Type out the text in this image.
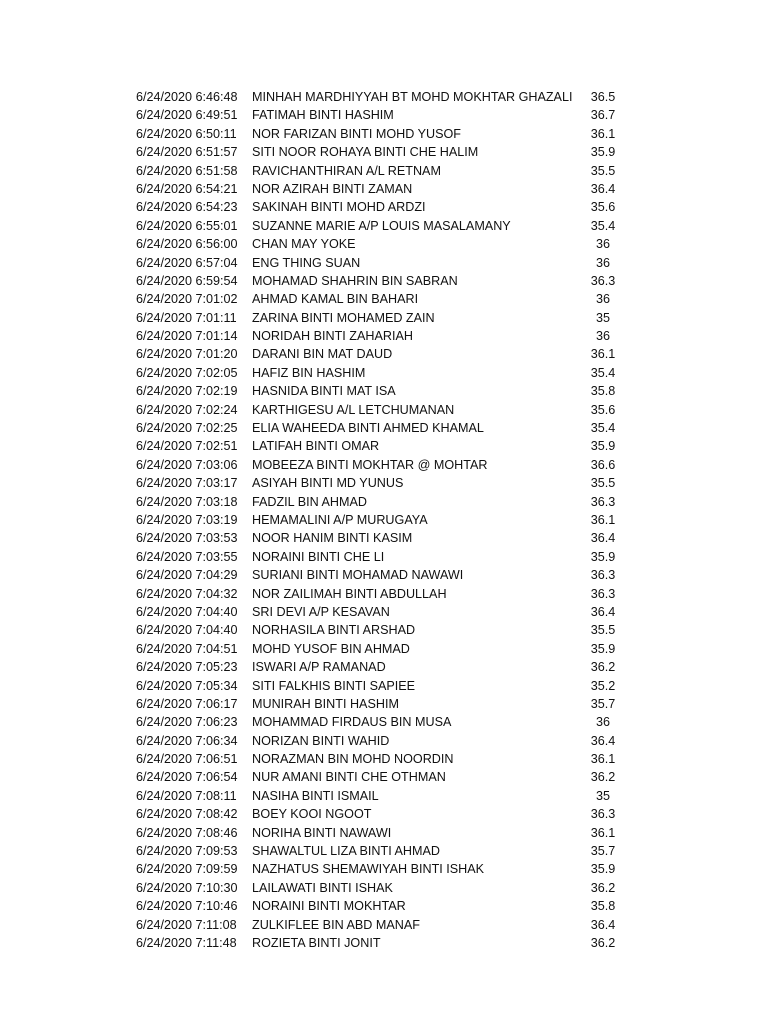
6/24/2020 6:46:48	MINHAH MARDHIYYAH BT MOHD MOKHTAR GHAZALI	36.5
6/24/2020 6:49:51	FATIMAH BINTI HASHIM	36.7
6/24/2020 6:50:11	NOR FARIZAN BINTI MOHD YUSOF	36.1
6/24/2020 6:51:57	SITI NOOR ROHAYA BINTI CHE HALIM	35.9
6/24/2020 6:51:58	RAVICHANTHIRAN A/L RETNAM	35.5
6/24/2020 6:54:21	NOR AZIRAH BINTI ZAMAN	36.4
6/24/2020 6:54:23	SAKINAH BINTI MOHD ARDZI	35.6
6/24/2020 6:55:01	SUZANNE MARIE A/P LOUIS MASALAMANY	35.4
6/24/2020 6:56:00	CHAN MAY YOKE	36
6/24/2020 6:57:04	ENG THING SUAN	36
6/24/2020 6:59:54	MOHAMAD SHAHRIN BIN SABRAN	36.3
6/24/2020 7:01:02	AHMAD KAMAL BIN BAHARI	36
6/24/2020 7:01:11	ZARINA BINTI MOHAMED ZAIN	35
6/24/2020 7:01:14	NORIDAH BINTI ZAHARIAH	36
6/24/2020 7:01:20	DARANI BIN MAT DAUD	36.1
6/24/2020 7:02:05	HAFIZ BIN HASHIM	35.4
6/24/2020 7:02:19	HASNIDA BINTI MAT ISA	35.8
6/24/2020 7:02:24	KARTHIGESU A/L LETCHUMANAN	35.6
6/24/2020 7:02:25	ELIA WAHEEDA BINTI AHMED KHAMAL	35.4
6/24/2020 7:02:51	LATIFAH BINTI OMAR	35.9
6/24/2020 7:03:06	MOBEEZA BINTI MOKHTAR @ MOHTAR	36.6
6/24/2020 7:03:17	ASIYAH BINTI MD YUNUS	35.5
6/24/2020 7:03:18	FADZIL BIN AHMAD	36.3
6/24/2020 7:03:19	HEMAMALINI A/P MURUGAYA	36.1
6/24/2020 7:03:53	NOOR HANIM BINTI KASIM	36.4
6/24/2020 7:03:55	NORAINI BINTI CHE LI	35.9
6/24/2020 7:04:29	SURIANI BINTI MOHAMAD NAWAWI	36.3
6/24/2020 7:04:32	NOR ZAILIMAH BINTI ABDULLAH	36.3
6/24/2020 7:04:40	SRI DEVI A/P KESAVAN	36.4
6/24/2020 7:04:40	NORHASILA BINTI ARSHAD	35.5
6/24/2020 7:04:51	MOHD YUSOF BIN AHMAD	35.9
6/24/2020 7:05:23	ISWARI A/P RAMANAD	36.2
6/24/2020 7:05:34	SITI FALKHIS BINTI SAPIEE	35.2
6/24/2020 7:06:17	MUNIRAH BINTI HASHIM	35.7
6/24/2020 7:06:23	MOHAMMAD FIRDAUS BIN MUSA	36
6/24/2020 7:06:34	NORIZAN BINTI WAHID	36.4
6/24/2020 7:06:51	NORAZMAN BIN MOHD NOORDIN	36.1
6/24/2020 7:06:54	NUR AMANI BINTI CHE OTHMAN	36.2
6/24/2020 7:08:11	NASIHA BINTI ISMAIL	35
6/24/2020 7:08:42	BOEY KOOI NGOOT	36.3
6/24/2020 7:08:46	NORIHA BINTI NAWAWI	36.1
6/24/2020 7:09:53	SHAWALTUL LIZA BINTI AHMAD	35.7
6/24/2020 7:09:59	NAZHATUS SHEMAWIYAH BINTI ISHAK	35.9
6/24/2020 7:10:30	LAILAWATI BINTI ISHAK	36.2
6/24/2020 7:10:46	NORAINI BINTI MOKHTAR	35.8
6/24/2020 7:11:08	ZULKIFLEE BIN ABD MANAF	36.4
6/24/2020 7:11:48	ROZIETA BINTI JONIT	36.2
